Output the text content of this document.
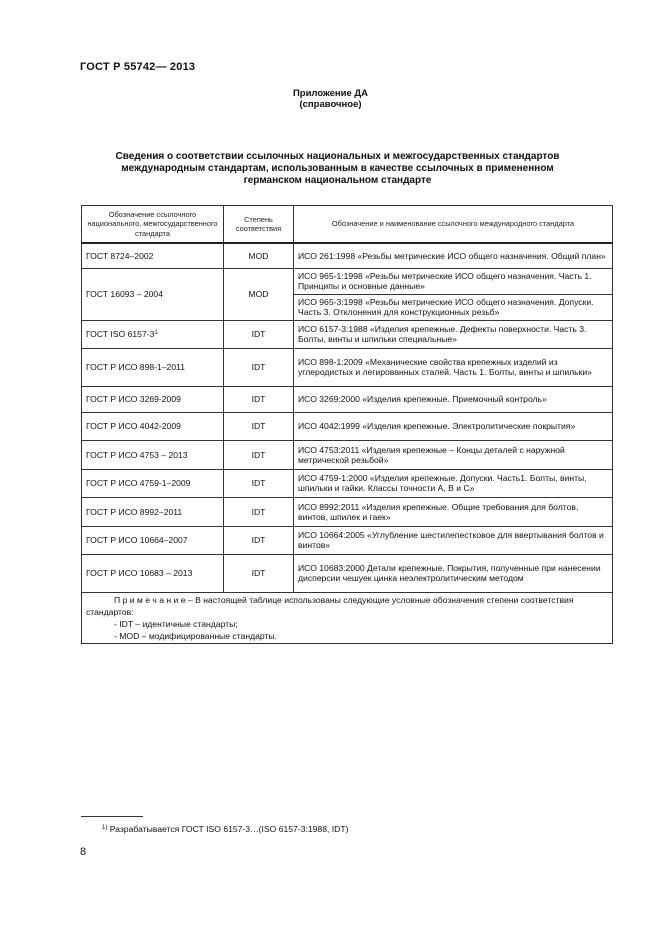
ГОСТ Р 55742— 2013
Приложение ДА
(справочное)
Сведения о соответствии ссылочных национальных и межгосударственных стандартов
международным стандартам, использованным в качестве ссылочных в примененном
германском национальном стандарте
Обозначение ссылочного национального, межгосударственного стандарта	Степень соответствия	Обозначение и наименование ссылочного международного стандарта
ГОСТ 8724–2002	MOD	ИСО 261:1998 «Резьбы метрические ИСО общего назначения. Общий план»
ГОСТ 16093 – 2004	MOD	ИСО 965-1:1998 «Резьбы метрические ИСО общего назначения. Часть 1. Принципы и основные данные»
		ИСО 965-3:1998 «Резьбы метрические ИСО общего назначения. Допуски. Часть 3. Отклонения для конструкционных резьб»
ГОСТ ISO $6157-3^1$	IDT	ИСО 6157-3:1988 «Изделия крепежные. Дефекты поверхности. Часть 3. Болты, винты и шпильки специальные»
ГОСТ Р ИСО 898-1–2011	IDT	ИСО 898-1:2009 «Механические свойства крепежных изделий из углеродистых и легированных сталей. Часть 1. Болты, винты и шпильки»
ГОСТ Р ИСО 3269-2009	IDT	ИСО 3269:2000 «Изделия крепежные. Приемочный контроль»
ГОСТ Р ИСО 4042-2009	IDT	ИСО 4042:1999 «Изделия крепежные. Электролитические покрытия»
ГОСТ Р ИСО 4753 – 2013	IDT	ИСО 4753:2011 «Изделия крепежные – Концы деталей с наружной метрической резьбой»
ГОСТ Р ИСО 4759-1–2009	IDT	ИСО 4759-1:2000 «Изделия крепежные. Допуски. Часть1. Болты, винты, шпильки и гайки. Классы точности А, В и С»
ГОСТ Р ИСО 8992–2011	IDT	ИСО 8992:2011 «Изделия крепежные. Общие требования для болтов, винтов, шпилек и гаек»
ГОСТ Р ИСО 10664–2007	IDT	ИСО 10664:2005 «Углубление шестилепестковое для ввертывания болтов и винтов»
ГОСТ Р ИСО 10683 – 2013	IDT	ИСО 10683:2000 Детали крепежные. Покрытия, полученные при нанесении дисперсии чешуек цинка неэлектролитическим методом

П р и м е ч а н и е – В настоящей таблице использованы следующие условные обозначения степени соответствия стандартов:
- IDT – идентичные стандарты;
- MOD – модифицированные стандарты.		
$^{1)}$ Разрабатывается ГОСТ ISO 6157-3…(ISO 6157-3:1988, IDT)
8
